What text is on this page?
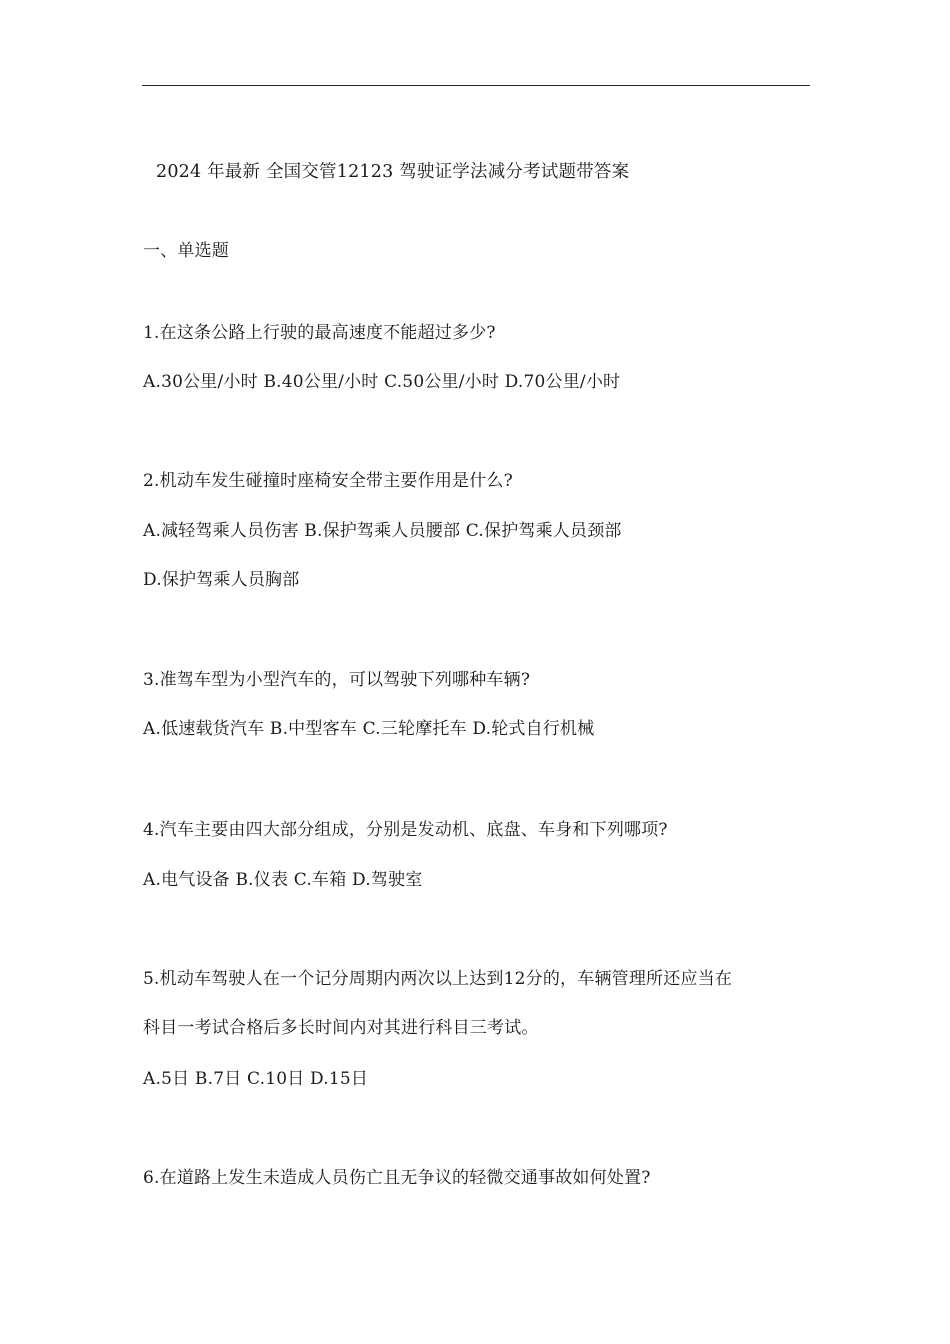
2024 年最新 全国交管12123 驾驶证学法减分考试题带答案
一、单选题
1.在这条公路上行驶的最高速度不能超过多少?
A.30公里/小时 B.40公里/小时 C.50公里/小时 D.70公里/小时
2.机动车发生碰撞时座椅安全带主要作用是什么?
A.减轻驾乘人员伤害 B.保护驾乘人员腰部 C.保护驾乘人员颈部
D.保护驾乘人员胸部
3.准驾车型为小型汽车的，可以驾驶下列哪种车辆?
A.低速载货汽车 B.中型客车 C.三轮摩托车 D.轮式自行机械
4.汽车主要由四大部分组成，分别是发动机、底盘、车身和下列哪项?
A.电气设备 B.仪表 C.车箱 D.驾驶室
5.机动车驾驶人在一个记分周期内两次以上达到12分的，车辆管理所还应当在
科目一考试合格后多长时间内对其进行科目三考试。
A.5日 B.7日 C.10日 D.15日
6.在道路上发生未造成人员伤亡且无争议的轻微交通事故如何处置?
